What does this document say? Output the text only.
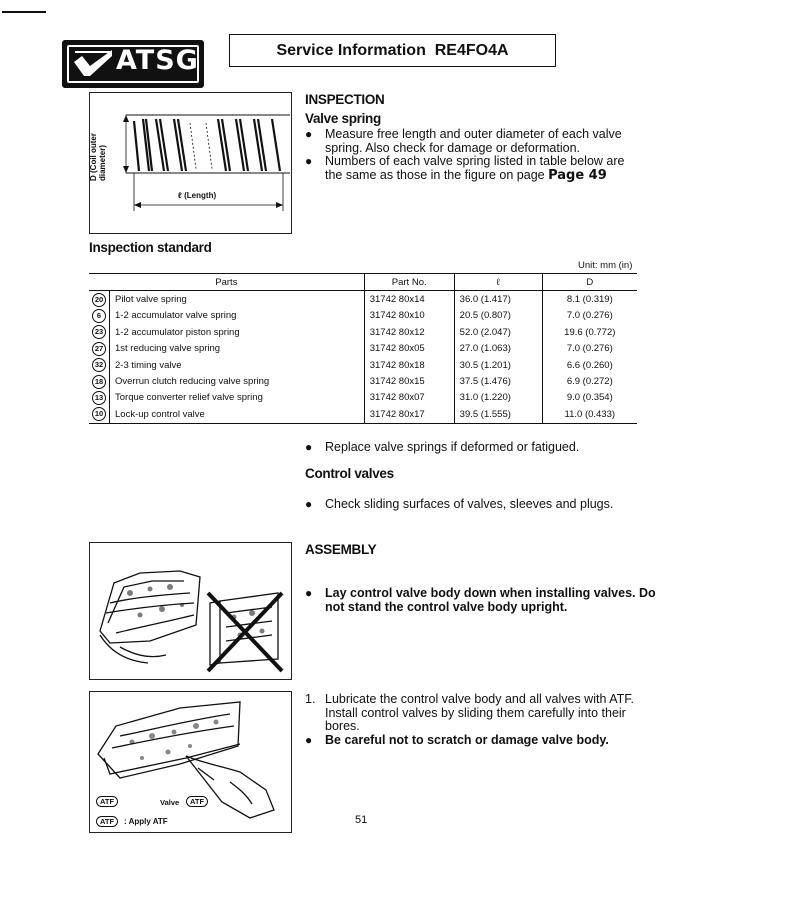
ATSG	Service Information  RE4FO4A
D (Coil outer diameter)
ℓ (Length)
INSPECTION
Valve spring
● Measure free length and outer diameter of each valve spring. Also check for damage or deformation.
● Numbers of each valve spring listed in table below are the same as those in the figure on page Page 49
Inspection standard
Unit: mm (in)
Parts		Part No.	ℓ	D
20	Pilot valve spring	31742 80x14	36.0 (1.417)	8.1 (0.319)
6	1-2 accumulator valve spring	31742 80x10	20.5 (0.807)	7.0 (0.276)
23	1-2 accumulator piston spring	31742 80x12	52.0 (2.047)	19.6 (0.772)
27	1st reducing valve spring	31742 80x05	27.0 (1.063)	7.0 (0.276)
32	2-3 timing valve	31742 80x18	30.5 (1.201)	6.6 (0.260)
18	Overrun clutch reducing valve spring	31742 80x15	37.5 (1.476)	6.9 (0.272)
13	Torque converter relief valve spring	31742 80x07	31.0 (1.220)	9.0 (0.354)
10	Lock-up control valve	31742 80x17	39.5 (1.555)	11.0 (0.433)
● Replace valve springs if deformed or fatigued.
Control valves
● Check sliding surfaces of valves, sleeves and plugs.
ASSEMBLY
● Lay control valve body down when installing valves. Do not stand the control valve body upright.
ATF	Valve	ATF
ATF	: Apply ATF
1. Lubricate the control valve body and all valves with ATF. Install control valves by sliding them carefully into their bores.
● Be careful not to scratch or damage valve body.
51
